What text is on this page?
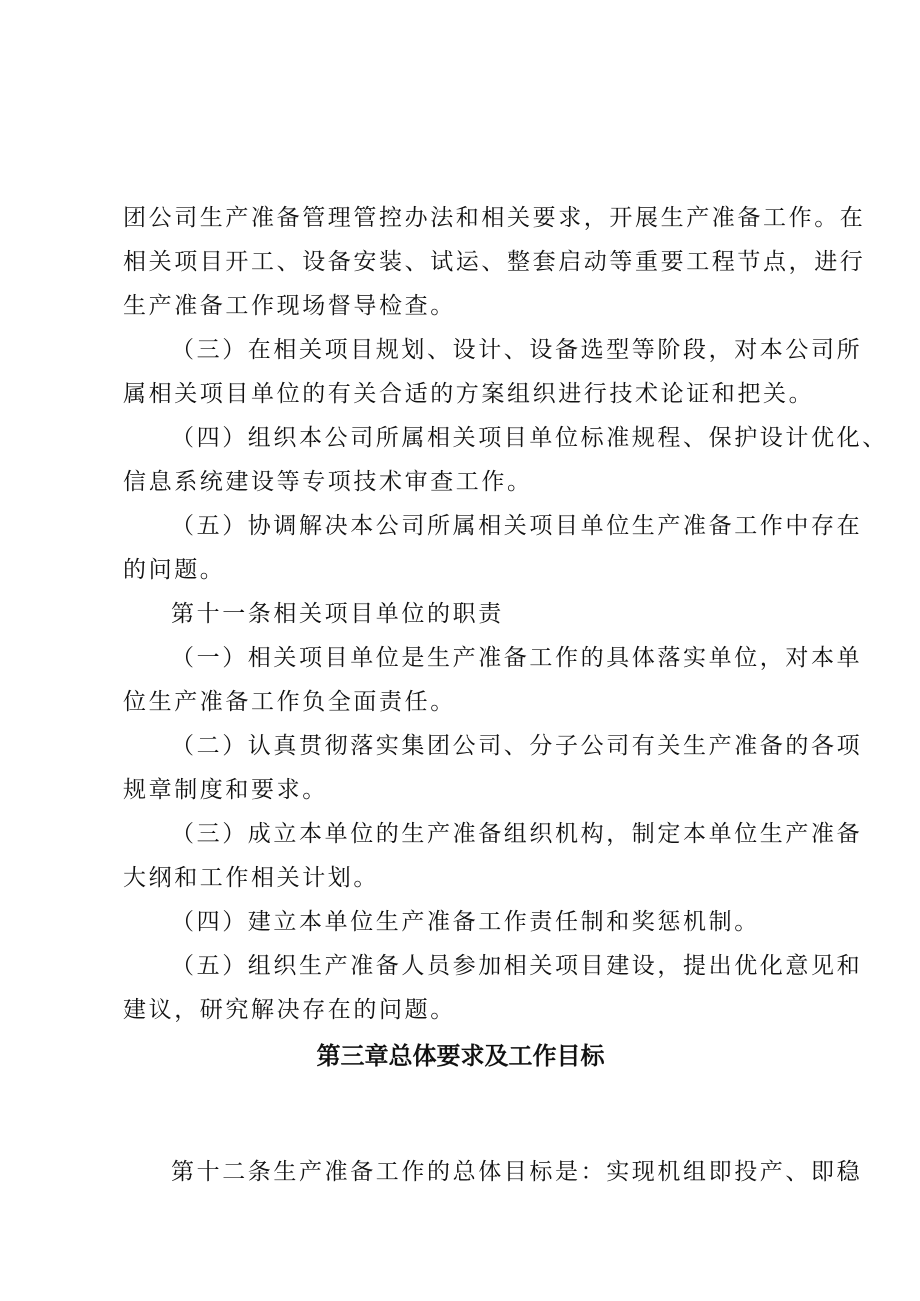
团公司生产准备管理管控办法和相关要求，开展生产准备工作。在
相关项目开工、设备安装、试运、整套启动等重要工程节点，进行
生产准备工作现场督导检查。
（三）在相关项目规划、设计、设备选型等阶段，对本公司所
属相关项目单位的有关合适的方案组织进行技术论证和把关。
（四）组织本公司所属相关项目单位标准规程、保护设计优化、
信息系统建设等专项技术审查工作。
（五）协调解决本公司所属相关项目单位生产准备工作中存在
的问题。
第十一条相关项目单位的职责
（一）相关项目单位是生产准备工作的具体落实单位，对本单
位生产准备工作负全面责任。
（二）认真贯彻落实集团公司、分子公司有关生产准备的各项
规章制度和要求。
（三）成立本单位的生产准备组织机构，制定本单位生产准备
大纲和工作相关计划。
（四）建立本单位生产准备工作责任制和奖惩机制。
（五）组织生产准备人员参加相关项目建设，提出优化意见和
建议，研究解决存在的问题。
第三章总体要求及工作目标
第十二条生产准备工作的总体目标是：实现机组即投产、即稳
